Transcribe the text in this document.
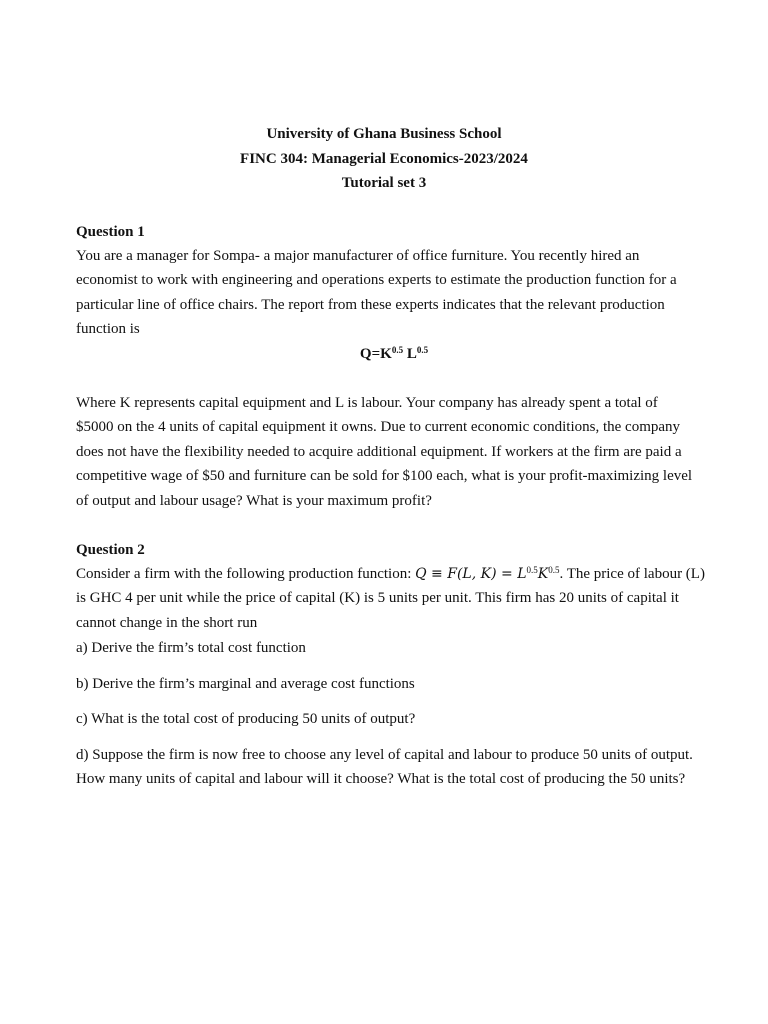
University of Ghana Business School

FINC 304: Managerial Economics-2023/2024

Tutorial set 3

Question 1

You are a manager for Sompa- a major manufacturer of office furniture. You recently hired an
economist to work with engineering and operations experts to estimate the production function for a
particular line of office chairs. The report from these experts indicates that the relevant production
function is

$Q=K^{0.5}$ $L^{0.5}$

Where K represents capital equipment and L is labour. Your company has already spent a total of
$5000 on the 4 units of capital equipment it owns. Due to current economic conditions, the company
does not have the flexibility needed to acquire additional equipment. If workers at the firm are paid a
competitive wage of $50 and furniture can be sold for $100 each, what is your profit-maximizing level
of output and labour usage? What is your maximum profit?

Question 2

Consider a firm with the following production function: Q ≡ F(L, $K) = L^{0.5}K^{0.5}$. The price of labour (L)
is GHC 4 per unit while the price of capital (K) is 5 units per unit. This firm has 20 units of capital it
cannot change in the short run

a) Derive the firm’s total cost function

b) Derive the firm’s marginal and average cost functions

c) What is the total cost of producing 50 units of output?

d) Suppose the firm is now free to choose any level of capital and labour to produce 50 units of output.
How many units of capital and labour will it choose? What is the total cost of producing the 50 units?
